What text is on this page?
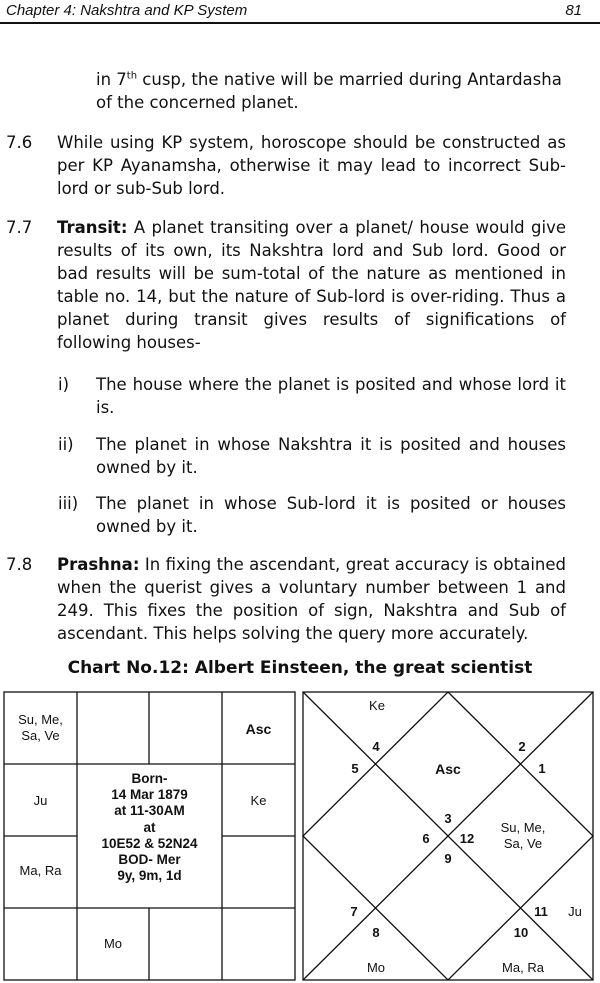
Chapter 4: Nakshtra and KP System	81
in 7th cusp, the native will be married during Antardasha
of the concerned planet.
7.6 While using KP system, horoscope should be constructed as per KP Ayanamsha, otherwise it may lead to incorrect Sub-lord or sub-Sub lord.
7.7 Transit: A planet transiting over a planet/ house would give results of its own, its Nakshtra lord and Sub lord. Good or bad results will be sum-total of the nature as mentioned in table no. 14, but the nature of Sub-lord is over-riding. Thus a planet during transit gives results of significations of following houses-
i) The house where the planet is posited and whose lord it is.
ii) The planet in whose Nakshtra it is posited and houses owned by it.
iii) The planet in whose Sub-lord it is posited or houses owned by it.
7.8 Prashna: In fixing the ascendant, great accuracy is obtained when the querist gives a voluntary number between 1 and 249. This fixes the position of sign, Nakshtra and Sub of ascendant. This helps solving the query more accurately.
Chart No.12: Albert Einsteen, the great scientist
Su, Me,
Sa, Ve	Asc
Ju	Ke
Ma, Ra
Mo
Born-
14 Mar 1879
at 11-30AM
at
10E52 & 52N24
BOD- Mer
9y, 9m, 1d
Ke
Asc
Su, Me,
Sa, Ve
Ju
Mo	Ma, Ra
1
2
3
4
5
6
7
8
9
10
11
12
